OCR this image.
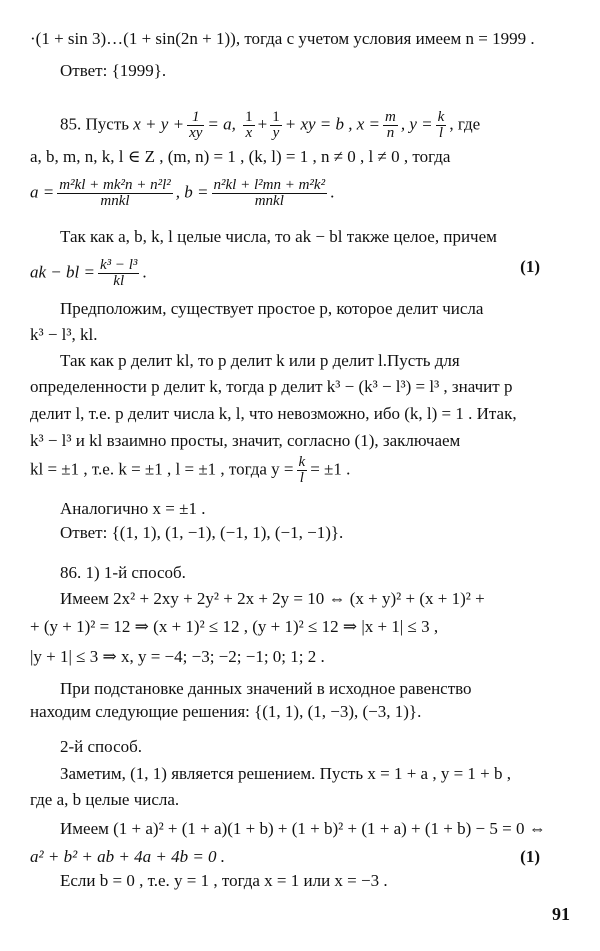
·(1 + sin 3)…(1 + sin(2n + 1)), тогда с учетом условия имеем n = 1999 .
Ответ: {1999}.
85. Пусть $x + y + \frac{1}{xy} = a$, $\frac{1}{x} + \frac{1}{y}$ + xy = b , $x = \frac{m}{n}$ , $y = \frac{k}{l}$ , где
a, b, m, n, k, l ∈ Z , (m, n) = 1 , (k, l) = 1 , n ≠ 0 , l ≠ 0 , тогда
$a = \frac{\text{m²kl + mk²n + n²l²}}{\text{mnkl}}$ , $b = \frac{\text{n²kl + l²mn + m²k²}}{\text{mnkl}}$ .
Так как a, b, k, l целые числа, то ak − bl также целое, причем
ak − bl = $\frac{\text{k³ − l³}}{kl}$ .	(1)
Предположим, существует простое p, которое делит числа
k³ − l³, kl.
Так как p делит kl, то p делит k или p делит l.Пусть для
определенности p делит k, тогда p делит k³ − (k³ − l³) = l³ , значит p
делит l, т.е. p делит числа k, l, что невозможно, ибо (k, l) = 1 . Итак,
k³ − l³ и kl взаимно просты, значит, согласно (1), заключаем
kl = ±1 , т.е. k = ±1 , l = ±1 , тогда $y = \frac{k}{l} = \pm 1$ .
Аналогично x = ±1 .
Ответ: {(1, 1), (1, −1), (−1, 1), (−1, −1)}.
86. 1) 1-й способ.
Имеем 2x² + 2xy + 2y² + 2x + 2y = 10 ⇔ (x + y)² + (x + 1)² +
+ (y + 1)² = 12 ⇒ (x + 1)² ≤ 12 , (y + 1)² ≤ 12 ⇒ |x + 1| ≤ 3 ,
|y + 1| ≤ 3 ⇒ x, y = −4; −3; −2; −1; 0; 1; 2 .
При подстановке данных значений в исходное равенство
находим следующие решения: {(1, 1), (1, −3), (−3, 1)}.
2-й способ.
Заметим, (1, 1) является решением. Пусть x = 1 + a , y = 1 + b ,
где a, b целые числа.
Имеем (1 + a)² + (1 + a)(1 + b) + (1 + b)² + (1 + a) + (1 + b) − 5 = 0 ⇔
a² + b² + ab + 4a + 4b = 0 .	(1)
Если b = 0 , т.е. y = 1 , тогда x = 1 или x = −3 .
91
